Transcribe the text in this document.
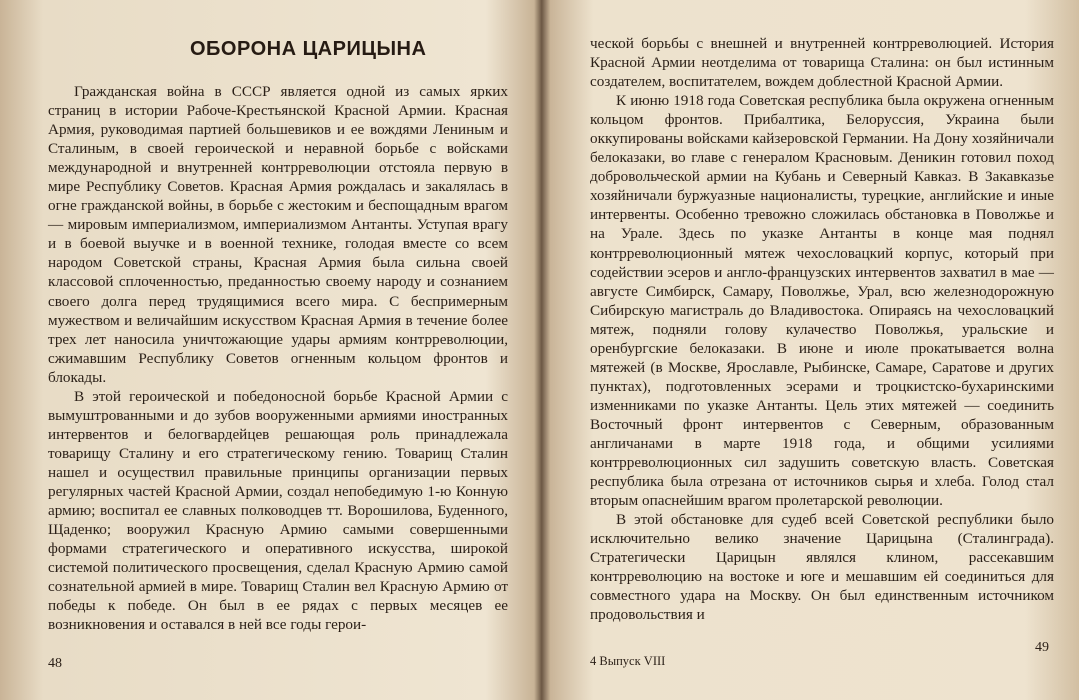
ОБОРОНА ЦАРИЦЫНА

Гражданская война в СССР является одной из самых ярких страниц в истории Рабоче-Крестьянской Красной Армии. Красная Армия, руководимая партией большевиков и ее вождями Лениным и Сталиным, в своей героической и неравной борьбе с войсками международной и внутренней контрреволюции отстояла первую в мире Республику Советов. Красная Армия рождалась и закалялась в огне гражданской войны, в борьбе с жестоким и беспощадным врагом — мировым империализмом, империализмом Антанты. Уступая врагу и в боевой выучке и в военной технике, голодая вместе со всем народом Советской страны, Красная Армия была сильна своей классовой сплоченностью, преданностью своему народу и сознанием своего долга перед трудящимися всего мира. С беспримерным мужеством и величайшим искусством Красная Армия в течение более трех лет наносила уничтожающие удары армиям контрреволюции, сжимавшим Республику Советов огненным кольцом фронтов и блокады.

В этой героической и победоносной борьбе Красной Армии с вымуштрованными и до зубов вооруженными армиями иностранных интервентов и белогвардейцев решающая роль принадлежала товарищу Сталину и его стратегическому гению. Товарищ Сталин нашел и осуществил правильные принципы организации первых регулярных частей Красной Армии, создал непобедимую 1-ю Конную армию; воспитал ее славных полководцев тт. Ворошилова, Буденного, Щаденко; вооружил Красную Армию самыми совершенными формами стратегического и оперативного искусства, широкой системой политического просвещения, сделал Красную Армию самой сознательной армией в мире. Товарищ Сталин вел Красную Армию от победы к победе. Он был в ее рядах с первых месяцев ее возникновения и оставался в ней все годы герои-

48

ческой борьбы с внешней и внутренней контрреволюцией. История Красной Армии неотделима от товарища Сталина: он был истинным создателем, воспитателем, вождем доблестной Красной Армии.

К июню 1918 года Советская республика была окружена огненным кольцом фронтов. Прибалтика, Белоруссия, Украина были оккупированы войсками кайзеровской Германии. На Дону хозяйничали белоказаки, во главе с генералом Красновым. Деникин готовил поход добровольческой армии на Кубань и Северный Кавказ. В Закавказье хозяйничали буржуазные националисты, турецкие, английские и иные интервенты. Особенно тревожно сложилась обстановка в Поволжье и на Урале. Здесь по указке Антанты в конце мая поднял контрреволюционный мятеж чехословацкий корпус, который при содействии эсеров и англо-французских интервентов захватил в мае — августе Симбирск, Самару, Поволжье, Урал, всю железнодорожную Сибирскую магистраль до Владивостока. Опираясь на чехословацкий мятеж, подняли голову кулачество Поволжья, уральские и оренбургские белоказаки. В июне и июле прокатывается волна мятежей (в Москве, Ярославле, Рыбинске, Самаре, Саратове и других пунктах), подготовленных эсерами и троцкистско-бухаринскими изменниками по указке Антанты. Цель этих мятежей — соединить Восточный фронт интервентов с Северным, образованным англичанами в марте 1918 года, и общими усилиями контрреволюционных сил задушить советскую власть. Советская республика была отрезана от источников сырья и хлеба. Голод стал вторым опаснейшим врагом пролетарской революции.

В этой обстановке для судеб всей Советской республики было исключительно велико значение Царицына (Сталинграда). Стратегически Царицын являлся клином, рассекавшим контрреволюцию на востоке и юге и мешавшим ей соединиться для совместного удара на Москву. Он был единственным источником продовольствия и

4 Выпуск VIII
49
